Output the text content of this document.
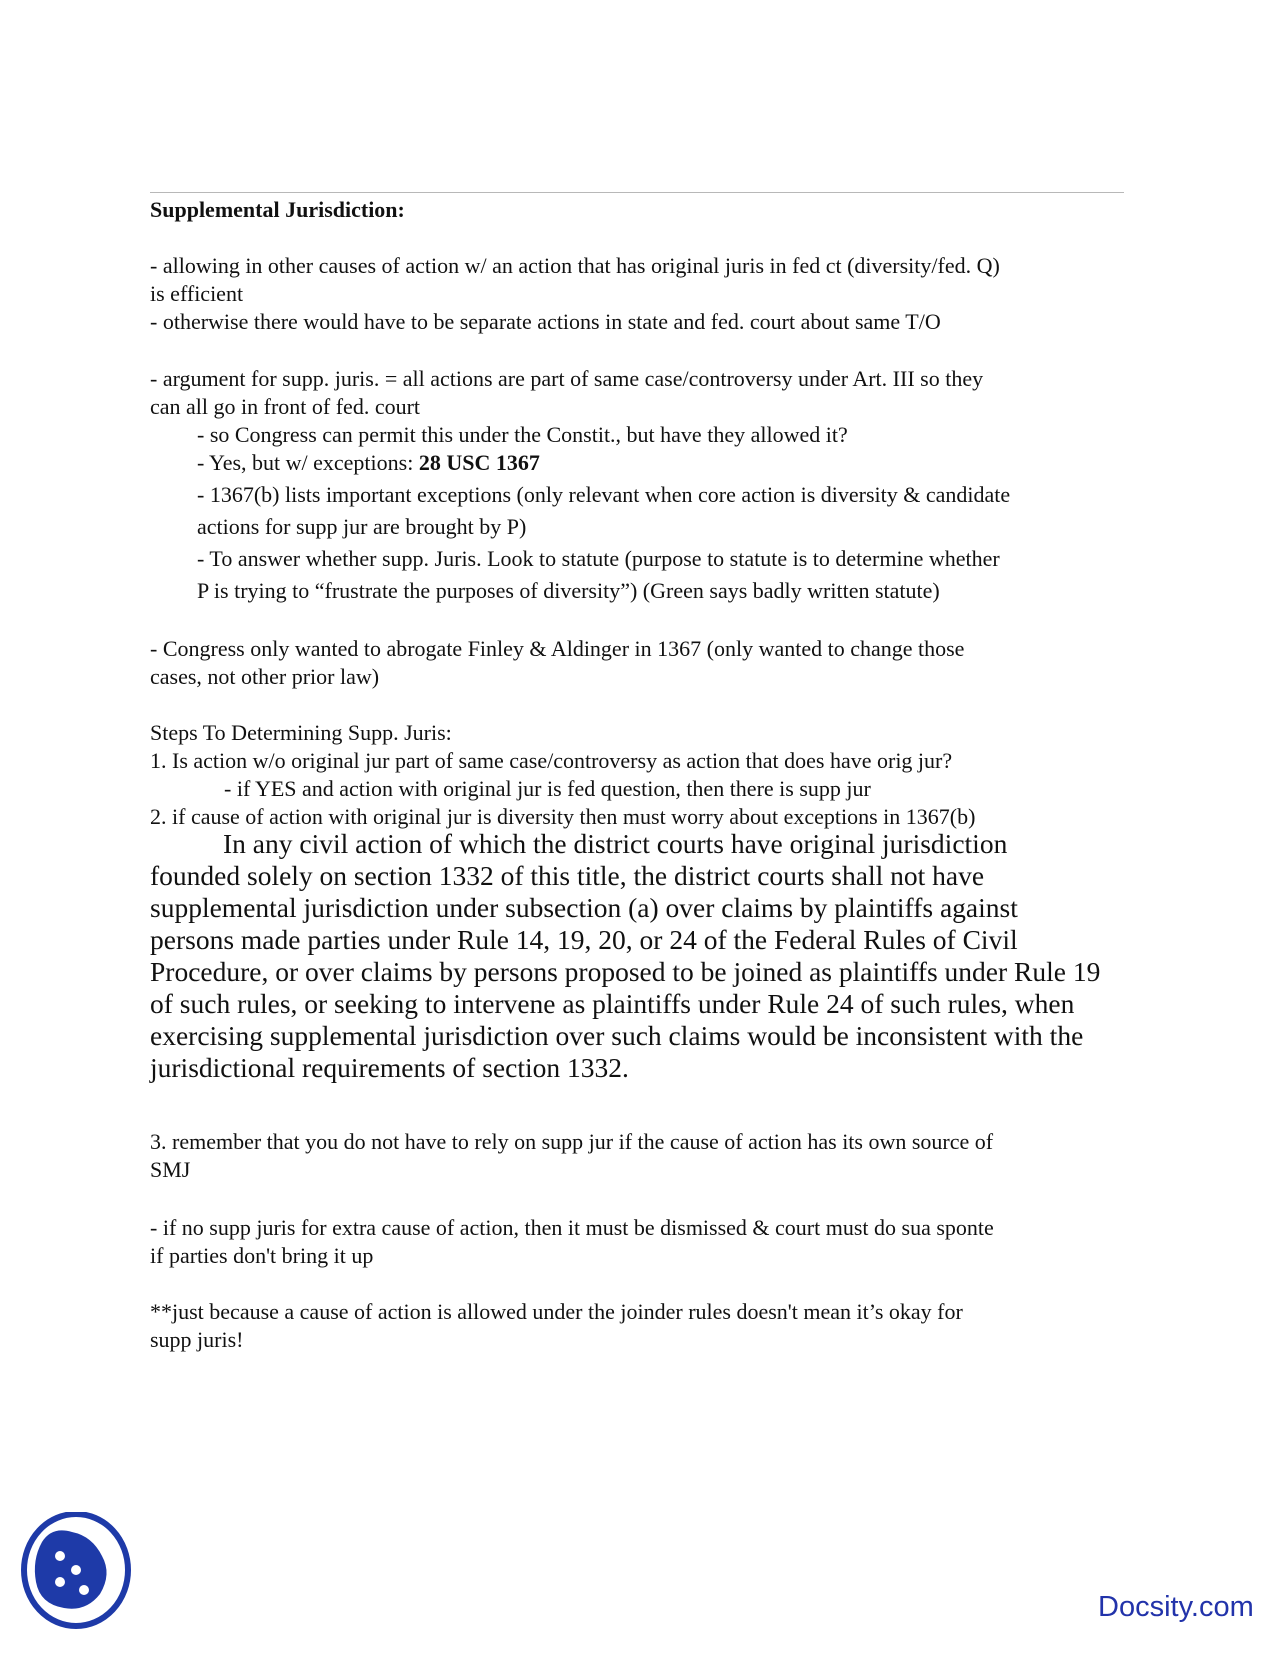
Supplemental Jurisdiction:
- allowing in other causes of action w/ an action that has original juris in fed ct (diversity/fed. Q)
is efficient
- otherwise there would have to be separate actions in state and fed. court about same T/O
- argument for supp. juris. = all actions are part of same case/controversy under Art. III so they
can all go in front of fed. court
- so Congress can permit this under the Constit., but have they allowed it?
- Yes, but w/ exceptions: 28 USC 1367
- 1367(b) lists important exceptions (only relevant when core action is diversity & candidate
actions for supp jur are brought by P)
- To answer whether supp. Juris. Look to statute (purpose to statute is to determine whether
P is trying to “frustrate the purposes of diversity”) (Green says badly written statute)
- Congress only wanted to abrogate Finley & Aldinger in 1367 (only wanted to change those
cases, not other prior law)
Steps To Determining Supp. Juris:
1. Is action w/o original jur part of same case/controversy as action that does have orig jur?
- if YES and action with original jur is fed question, then there is supp jur
2. if cause of action with original jur is diversity then must worry about exceptions in 1367(b)
In any civil action of which the district courts have original jurisdiction
founded solely on section 1332 of this title, the district courts shall not have
supplemental jurisdiction under subsection (a) over claims by plaintiffs against
persons made parties under Rule 14, 19, 20, or 24 of the Federal Rules of Civil
Procedure, or over claims by persons proposed to be joined as plaintiffs under Rule 19
of such rules, or seeking to intervene as plaintiffs under Rule 24 of such rules, when
exercising supplemental jurisdiction over such claims would be inconsistent with the
jurisdictional requirements of section 1332.
3. remember that you do not have to rely on supp jur if the cause of action has its own source of
SMJ
- if no supp juris for extra cause of action, then it must be dismissed & court must do sua sponte
if parties don't bring it up
**just because a cause of action is allowed under the joinder rules doesn't mean it’s okay for
supp juris!
Docsity.com
